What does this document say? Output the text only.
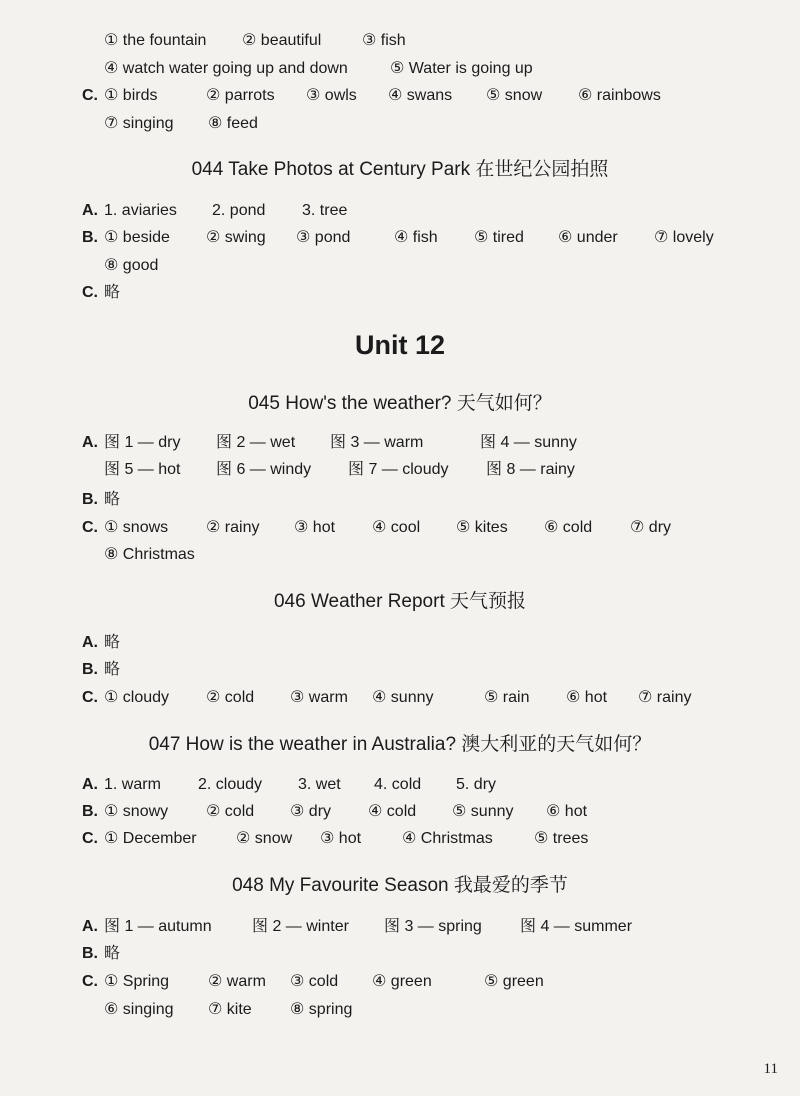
① the fountain ② beautiful	③ fish
④ watch water going up and down	⑤ Water is going up
C. ① birds	② parrots ③ owls ④ swans ⑤ snow ⑥ rainbows
⑦ singing ⑧ feed
044 Take Photos at Century Park 在世纪公园拍照
A. 1. aviaries 2. pond 3. tree
B. ① beside ② swing ③ pond	④ fish ⑤ tired ⑥ under ⑦ lovely
⑧ good
C. 略
Unit 12
045 How's the weather? 天气如何？
A. 图 1 — dry 图 2 — wet 图 3 — warm	图 4 — sunny
图 5 — hot 图 6 — windy 图 7 — cloudy 图 8 — rainy
B. 略
C. ① snows ② rainy ③ hot ④ cool ⑤ kites ⑥ cold ⑦ dry
⑧ Christmas
046 Weather Report 天气预报
A. 略
B. 略
C. ① cloudy ② cold ③ warm ④ sunny	⑤ rain ⑥ hot ⑦ rainy
047 How is the weather in Australia? 澳大利亚的天气如何？
A. 1. warm 2. cloudy 3. wet 4. cold 5. dry
B. ① snowy ② cold ③ dry ④ cold ⑤ sunny ⑥ hot
C. ① December ② snow ③ hot	④ Christmas	⑤ trees
048 My Favourite Season 我最爱的季节
A. 图 1 — autumn	图 2 — winter 图 3 — spring 图 4 — summer
B. 略
C. ① Spring ② warm ③ cold ④ green	⑤ green
⑥ singing ⑦ kite ⑧ spring
11
